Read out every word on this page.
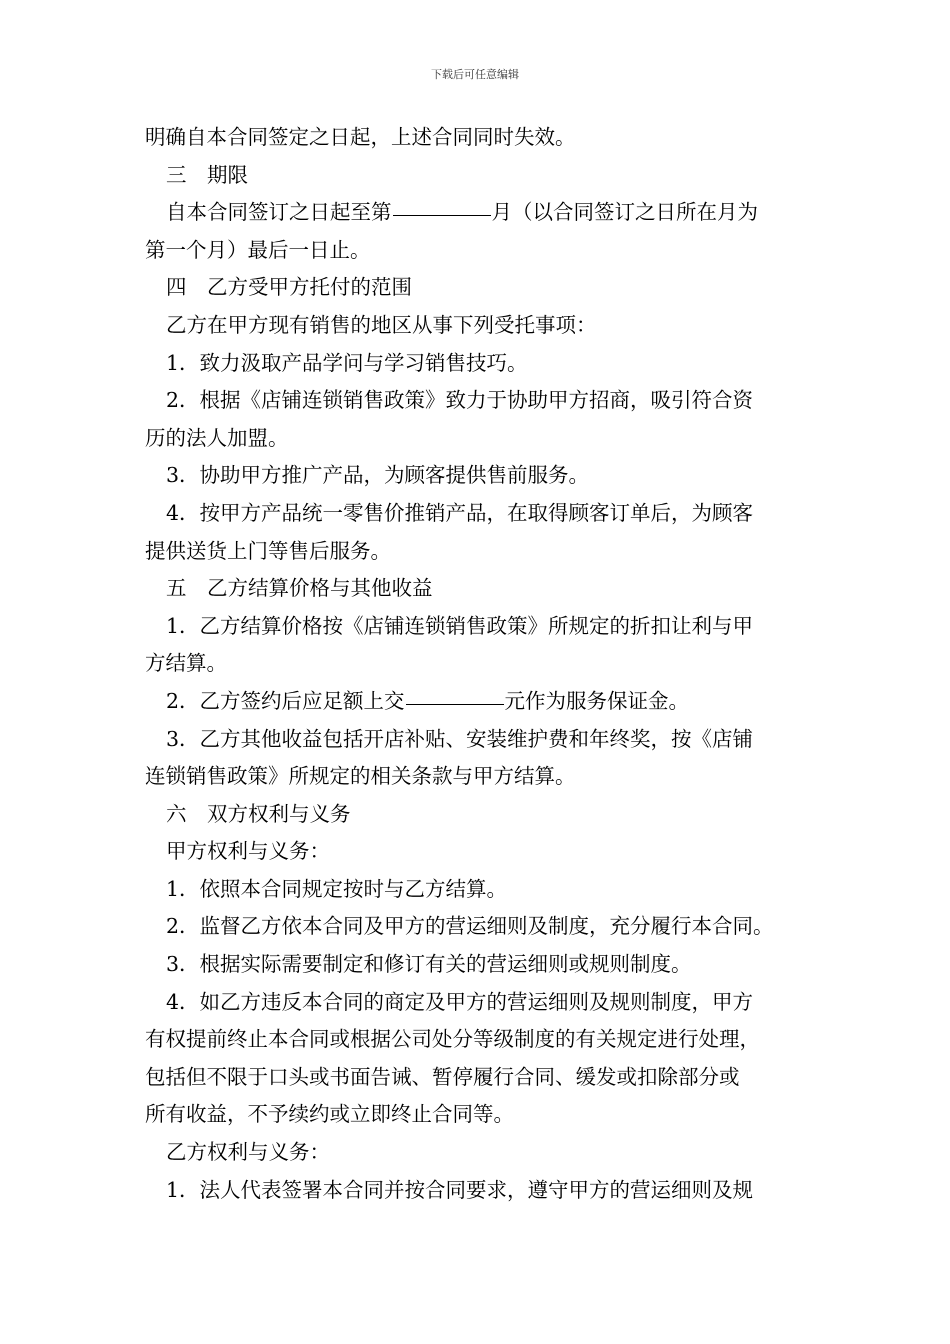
下载后可任意编辑

明确自本合同签定之日起，上述合同同时失效。

三　期限

自本合同签订之日起至第	月（以合同签订之日所在月为

第一个月）最后一日止。

四　乙方受甲方托付的范围

乙方在甲方现有销售的地区从事下列受托事项：

1．致力汲取产品学问与学习销售技巧。

2．根据《店铺连锁销售政策》致力于协助甲方招商，吸引符合资

历的法人加盟。

3．协助甲方推广产品，为顾客提供售前服务。

4．按甲方产品统一零售价推销产品，在取得顾客订单后，为顾客

提供送货上门等售后服务。

五　乙方结算价格与其他收益

1．乙方结算价格按《店铺连锁销售政策》所规定的折扣让利与甲

方结算。

2．乙方签约后应足额上交	元作为服务保证金。

3．乙方其他收益包括开店补贴、安装维护费和年终奖，按《店铺

连锁销售政策》所规定的相关条款与甲方结算。

六　双方权利与义务

甲方权利与义务：

1．依照本合同规定按时与乙方结算。

2．监督乙方依本合同及甲方的营运细则及制度，充分履行本合同。

3．根据实际需要制定和修订有关的营运细则或规则制度。

4．如乙方违反本合同的商定及甲方的营运细则及规则制度，甲方

有权提前终止本合同或根据公司处分等级制度的有关规定进行处理，

包括但不限于口头或书面告诫、暂停履行合同、缓发或扣除部分或

所有收益，不予续约或立即终止合同等。

乙方权利与义务：

1．法人代表签署本合同并按合同要求，遵守甲方的营运细则及规
